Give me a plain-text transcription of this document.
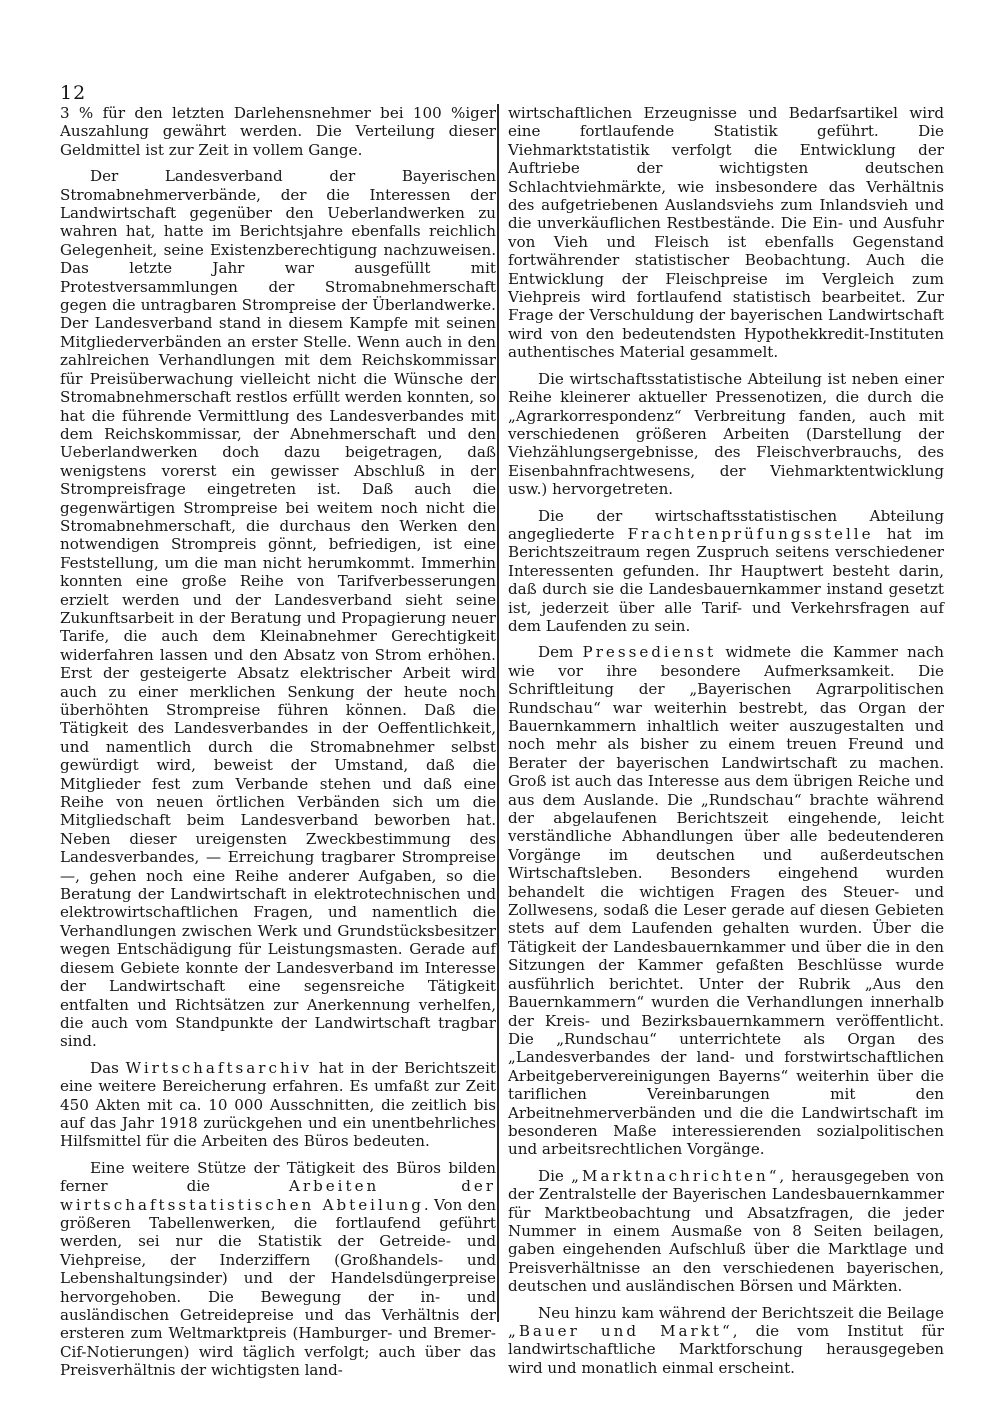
12

3 % für den letzten Darlehensnehmer bei 100 %iger Auszahlung gewährt werden. Die Verteilung dieser Geldmittel ist zur Zeit in vollem Gange.

Der Landesverband der Bayerischen Stromabnehmerverbände, der die Interessen der Landwirtschaft gegenüber den Ueberlandwerken zu wahren hat, hatte im Berichtsjahre ebenfalls reichlich Gelegenheit, seine Existenzberechtigung nachzuweisen. Das letzte Jahr war ausgefüllt mit Protestversammlungen der Stromabnehmerschaft gegen die untragbaren Strompreise der Überlandwerke. Der Landesverband stand in diesem Kampfe mit seinen Mitgliederverbänden an erster Stelle. Wenn auch in den zahlreichen Verhandlungen mit dem Reichskommissar für Preisüberwachung vielleicht nicht die Wünsche der Stromabnehmerschaft restlos erfüllt werden konnten, so hat die führende Vermittlung des Landesverbandes mit dem Reichskommissar, der Abnehmerschaft und den Ueberlandwerken doch dazu beigetragen, daß wenigstens vorerst ein gewisser Abschluß in der Strompreisfrage eingetreten ist. Daß auch die gegenwärtigen Strompreise bei weitem noch nicht die Stromabnehmerschaft, die durchaus den Werken den notwendigen Strompreis gönnt, befriedigen, ist eine Feststellung, um die man nicht herumkommt. Immerhin konnten eine große Reihe von Tarifverbesserungen erzielt werden und der Landesverband sieht seine Zukunftsarbeit in der Beratung und Propagierung neuer Tarife, die auch dem Kleinabnehmer Gerechtigkeit widerfahren lassen und den Absatz von Strom erhöhen. Erst der gesteigerte Absatz elektrischer Arbeit wird auch zu einer merklichen Senkung der heute noch überhöhten Strompreise führen können. Daß die Tätigkeit des Landesverbandes in der Oeffentlichkeit, und namentlich durch die Stromabnehmer selbst gewürdigt wird, beweist der Umstand, daß die Mitglieder fest zum Verbande stehen und daß eine Reihe von neuen örtlichen Verbänden sich um die Mitgliedschaft beim Landesverband beworben hat. Neben dieser ureigensten Zweckbestimmung des Landesverbandes, — Erreichung tragbarer Strompreise —, gehen noch eine Reihe anderer Aufgaben, so die Beratung der Landwirtschaft in elektrotechnischen und elektrowirtschaftlichen Fragen, und namentlich die Verhandlungen zwischen Werk und Grundstücksbesitzer wegen Entschädigung für Leistungsmasten. Gerade auf diesem Gebiete konnte der Landesverband im Interesse der Landwirtschaft eine segensreiche Tätigkeit entfalten und Richtsätzen zur Anerkennung verhelfen, die auch vom Standpunkte der Landwirtschaft tragbar sind.

Das Wirtschaftsarchiv hat in der Berichtszeit eine weitere Bereicherung erfahren. Es umfaßt zur Zeit 450 Akten mit ca. 10 000 Ausschnitten, die zeitlich bis auf das Jahr 1918 zurückgehen und ein unentbehrliches Hilfsmittel für die Arbeiten des Büros bedeuten.

Eine weitere Stütze der Tätigkeit des Büros bilden ferner die Arbeiten der wirtschaftsstatistischen Abteilung. Von den größeren Tabellenwerken, die fortlaufend geführt werden, sei nur die Statistik der Getreide- und Viehpreise, der Inderziffern (Großhandels- und Lebenshaltungsinder) und der Handelsdüngerpreise hervorgehoben. Die Bewegung der in- und ausländischen Getreidepreise und das Verhältnis der ersteren zum Weltmarktpreis (Hamburger- und Bremer-Cif-Notierungen) wird täglich verfolgt; auch über das Preisverhältnis der wichtigsten land-

wirtschaftlichen Erzeugnisse und Bedarfsartikel wird eine fortlaufende Statistik geführt. Die Viehmarktstatistik verfolgt die Entwicklung der Auftriebe der wichtigsten deutschen Schlachtviehmärkte, wie insbesondere das Verhältnis des aufgetriebenen Auslandsviehs zum Inlandsvieh und die unverkäuflichen Restbestände. Die Ein- und Ausfuhr von Vieh und Fleisch ist ebenfalls Gegenstand fortwährender statistischer Beobachtung. Auch die Entwicklung der Fleischpreise im Vergleich zum Viehpreis wird fortlaufend statistisch bearbeitet. Zur Frage der Verschuldung der bayerischen Landwirtschaft wird von den bedeutendsten Hypothekkredit-Instituten authentisches Material gesammelt.

Die wirtschaftsstatistische Abteilung ist neben einer Reihe kleinerer aktueller Pressenotizen, die durch die „Agrarkorrespondenz“ Verbreitung fanden, auch mit verschiedenen größeren Arbeiten (Darstellung der Viehzählungsergebnisse, des Fleischverbrauchs, des Eisenbahnfrachtwesens, der Viehmarktentwicklung usw.) hervorgetreten.

Die der wirtschaftsstatistischen Abteilung angegliederte Frachtenprüfungsstelle hat im Berichtszeitraum regen Zuspruch seitens verschiedener Interessenten gefunden. Ihr Hauptwert besteht darin, daß durch sie die Landesbauernkammer instand gesetzt ist, jederzeit über alle Tarif- und Verkehrsfragen auf dem Laufenden zu sein.

Dem Pressedienst widmete die Kammer nach wie vor ihre besondere Aufmerksamkeit. Die Schriftleitung der „Bayerischen Agrarpolitischen Rundschau“ war weiterhin bestrebt, das Organ der Bauernkammern inhaltlich weiter auszugestalten und noch mehr als bisher zu einem treuen Freund und Berater der bayerischen Landwirtschaft zu machen. Groß ist auch das Interesse aus dem übrigen Reiche und aus dem Auslande. Die „Rundschau“ brachte während der abgelaufenen Berichtszeit eingehende, leicht verständliche Abhandlungen über alle bedeutenderen Vorgänge im deutschen und außerdeutschen Wirtschaftsleben. Besonders eingehend wurden behandelt die wichtigen Fragen des Steuer- und Zollwesens, sodaß die Leser gerade auf diesen Gebieten stets auf dem Laufenden gehalten wurden. Über die Tätigkeit der Landesbauernkammer und über die in den Sitzungen der Kammer gefaßten Beschlüsse wurde ausführlich berichtet. Unter der Rubrik „Aus den Bauernkammern“ wurden die Verhandlungen innerhalb der Kreis- und Bezirksbauernkammern veröffentlicht. Die „Rundschau“ unterrichtete als Organ des „Landesverbandes der land- und forstwirtschaftlichen Arbeitgebervereinigungen Bayerns“ weiterhin über die tariflichen Vereinbarungen mit den Arbeitnehmerverbänden und die die Landwirtschaft im besonderen Maße interessierenden sozialpolitischen und arbeitsrechtlichen Vorgänge.

Die „Marktnachrichten“, herausgegeben von der Zentralstelle der Bayerischen Landesbauernkammer für Marktbeobachtung und Absatzfragen, die jeder Nummer in einem Ausmaße von 8 Seiten beilagen, gaben eingehenden Aufschluß über die Marktlage und Preisverhältnisse an den verschiedenen bayerischen, deutschen und ausländischen Börsen und Märkten.

Neu hinzu kam während der Berichtszeit die Beilage „Bauer und Markt“, die vom Institut für landwirtschaftliche Marktforschung herausgegeben wird und monatlich einmal erscheint.
